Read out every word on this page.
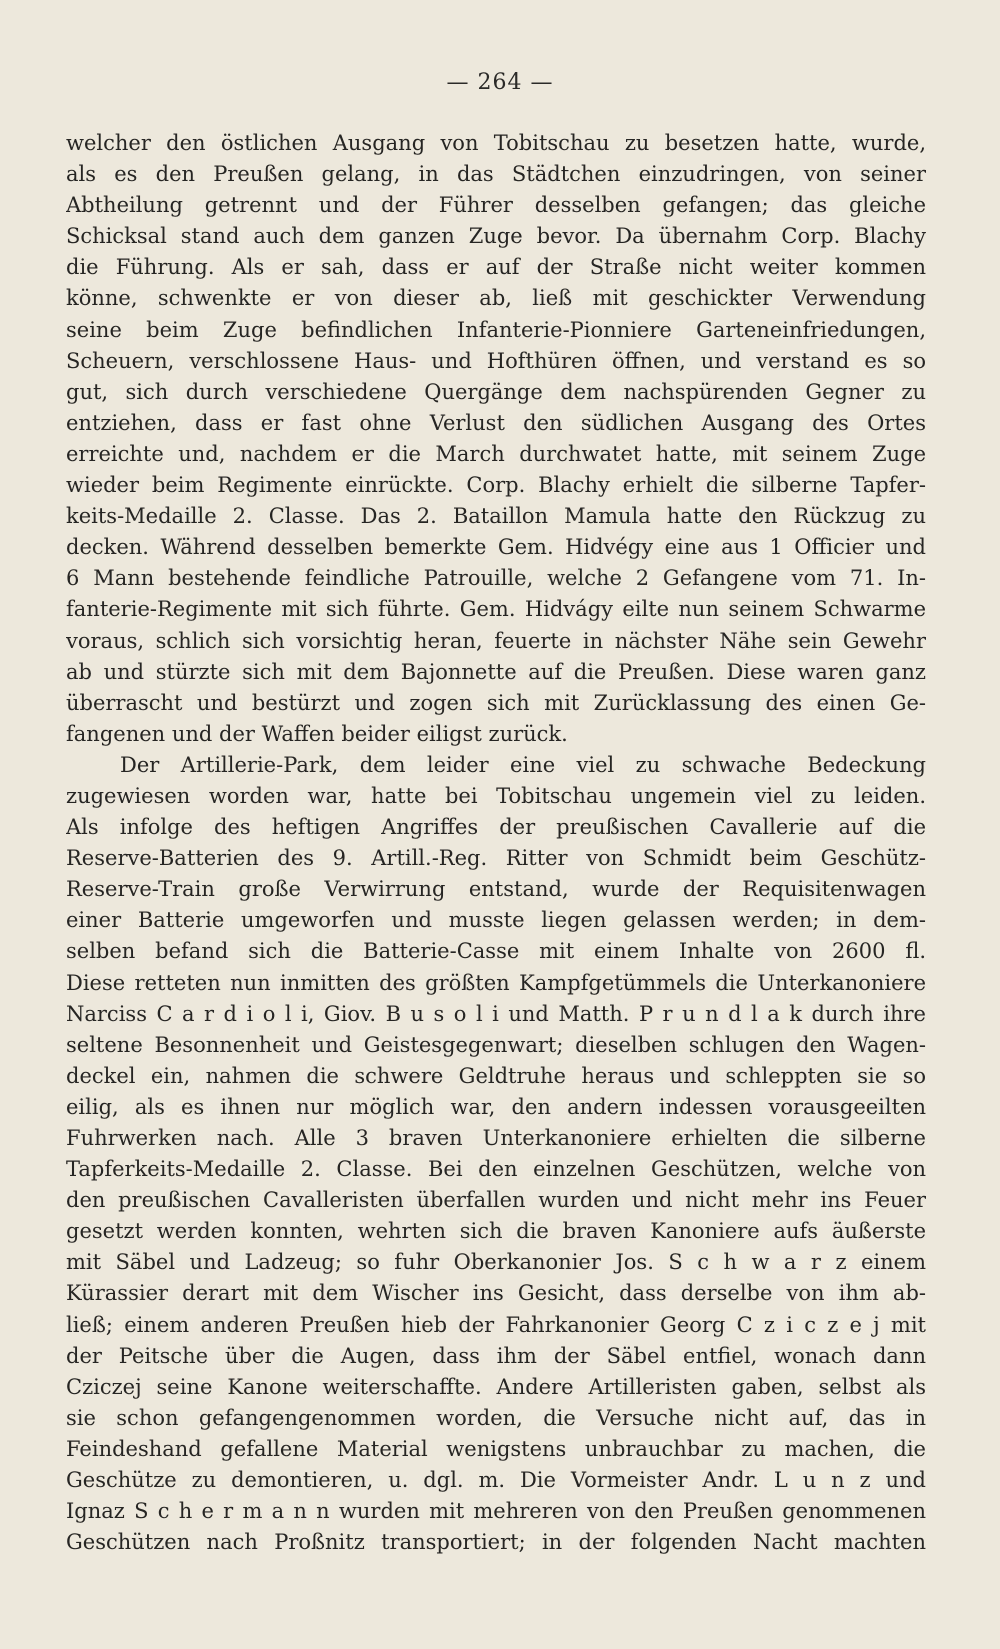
— 264 —
welcher den östlichen Ausgang von Tobitschau zu besetzen hatte, wurde,
als es den Preußen gelang, in das Städtchen einzudringen, von seiner
Abtheilung getrennt und der Führer desselben gefangen; das gleiche
Schicksal stand auch dem ganzen Zuge bevor. Da übernahm Corp. Blachy
die Führung. Als er sah, dass er auf der Straße nicht weiter kommen
könne, schwenkte er von dieser ab, ließ mit geschickter Verwendung
seine beim Zuge befindlichen Infanterie-Pionniere Garteneinfriedungen,
Scheuern, verschlossene Haus- und Hofthüren öffnen, und verstand es so
gut, sich durch verschiedene Quergänge dem nachspürenden Gegner zu
entziehen, dass er fast ohne Verlust den südlichen Ausgang des Ortes
erreichte und, nachdem er die March durchwatet hatte, mit seinem Zuge
wieder beim Regimente einrückte. Corp. Blachy erhielt die silberne Tapfer-
keits-Medaille 2. Classe. Das 2. Bataillon Mamula hatte den Rückzug zu
decken. Während desselben bemerkte Gem. Hidvégy eine aus 1 Officier und
6 Mann bestehende feindliche Patrouille, welche 2 Gefangene vom 71. In-
fanterie-Regimente mit sich führte. Gem. Hidvágy eilte nun seinem Schwarme
voraus, schlich sich vorsichtig heran, feuerte in nächster Nähe sein Gewehr
ab und stürzte sich mit dem Bajonnette auf die Preußen. Diese waren ganz
überrascht und bestürzt und zogen sich mit Zurücklassung des einen Ge-
fangenen und der Waffen beider eiligst zurück.
Der Artillerie-Park, dem leider eine viel zu schwache Bedeckung
zugewiesen worden war, hatte bei Tobitschau ungemein viel zu leiden.
Als infolge des heftigen Angriffes der preußischen Cavallerie auf die
Reserve-Batterien des 9. Artill.-Reg. Ritter von Schmidt beim Geschütz-
Reserve-Train große Verwirrung entstand, wurde der Requisitenwagen
einer Batterie umgeworfen und musste liegen gelassen werden; in dem-
selben befand sich die Batterie-Casse mit einem Inhalte von 2600 fl.
Diese retteten nun inmitten des größten Kampfgetümmels die Unterkanoniere
Narciss C a r d i o l i, Giov. B u s o l i und Matth. P r u n d l a k durch ihre
seltene Besonnenheit und Geistesgegenwart; dieselben schlugen den Wagen-
deckel ein, nahmen die schwere Geldtruhe heraus und schleppten sie so
eilig, als es ihnen nur möglich war, den andern indessen vorausgeeilten
Fuhrwerken nach. Alle 3 braven Unterkanoniere erhielten die silberne
Tapferkeits-Medaille 2. Classe. Bei den einzelnen Geschützen, welche von
den preußischen Cavalleristen überfallen wurden und nicht mehr ins Feuer
gesetzt werden konnten, wehrten sich die braven Kanoniere aufs äußerste
mit Säbel und Ladzeug; so fuhr Oberkanonier Jos. S c h w a r z einem
Kürassier derart mit dem Wischer ins Gesicht, dass derselbe von ihm ab-
ließ; einem anderen Preußen hieb der Fahrkanonier Georg C z i c z e j mit
der Peitsche über die Augen, dass ihm der Säbel entfiel, wonach dann
Cziczej seine Kanone weiterschaffte. Andere Artilleristen gaben, selbst als
sie schon gefangengenommen worden, die Versuche nicht auf, das in
Feindeshand gefallene Material wenigstens unbrauchbar zu machen, die
Geschütze zu demontieren, u. dgl. m. Die Vormeister Andr. L u n z und
Ignaz S c h e r m a n n wurden mit mehreren von den Preußen genommenen
Geschützen nach Proßnitz transportiert; in der folgenden Nacht machten
